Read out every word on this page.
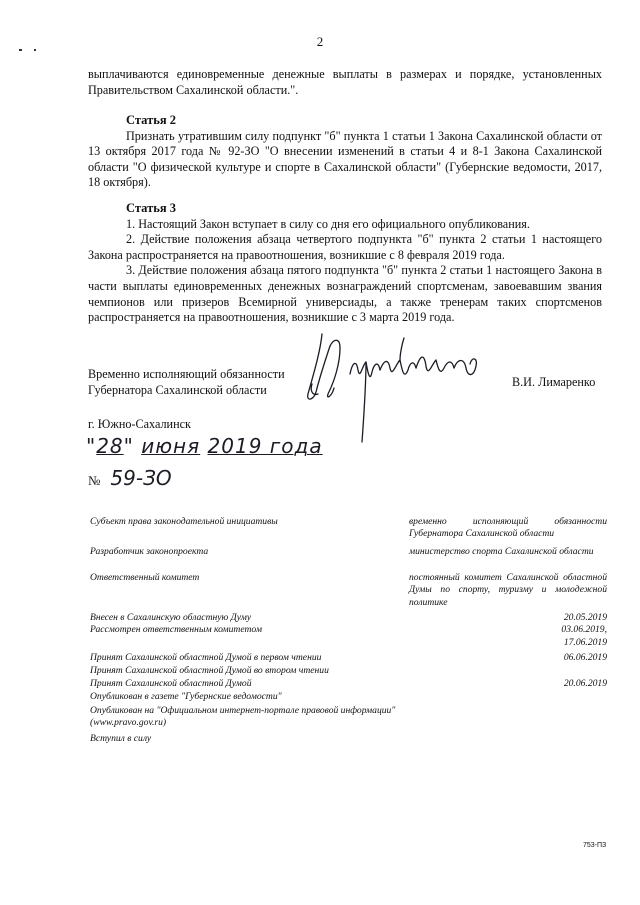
2

выплачиваются единовременные денежные выплаты в размерах и порядке, установленных Правительством Сахалинской области.".

Статья 2

Признать утратившим силу подпункт "б" пункта 1 статьи 1 Закона Сахалинской области от 13 октября 2017 года № 92-ЗО "О внесении изменений в статьи 4 и 8-1 Закона Сахалинской области "О физической культуре и спорте в Сахалинской области" (Губернские ведомости, 2017, 18 октября).

Статья 3

1. Настоящий Закон вступает в силу со дня его официального опубликования.

2. Действие положения абзаца четвертого подпункта "б" пункта 2 статьи 1 настоящего Закона распространяется на правоотношения, возникшие с 8 февраля 2019 года.

3. Действие положения абзаца пятого подпункта "б" пункта 2 статьи 1 настоящего Закона в части выплаты единовременных денежных вознаграждений спортсменам, завоевавшим звания чемпионов или призеров Всемирной универсиады, а также тренерам таких спортсменов распространяется на правоотношения, возникшие с 3 марта 2019 года.

Временно исполняющий обязанности
Губернатора Сахалинской области
В.И. Лимаренко
г. Южно-Сахалинск
"28" июня 2019 года
№ 59-ЗО
Субъект права законодательной инициативы	временно исполняющий обязанности Губернатора Сахалинской области
Разработчик законопроекта	министерство спорта Сахалинской области
Ответственный комитет	постоянный комитет Сахалинской областной Думы по спорту, туризму и молодежной политике
Внесен в Сахалинскую областную Думу	20.05.2019
Рассмотрен ответственным комитетом	03.06.2019,
17.06.2019
Принят Сахалинской областной Думой в первом чтении	06.06.2019
Принят Сахалинской областной Думой во втором чтении
Принят Сахалинской областной Думой	20.06.2019
Опубликован в газете "Губернские ведомости"
Опубликован на "Официальном интернет-портале правовой информации" (www.pravo.gov.ru)
Вступил в силу
753-ПЗ
